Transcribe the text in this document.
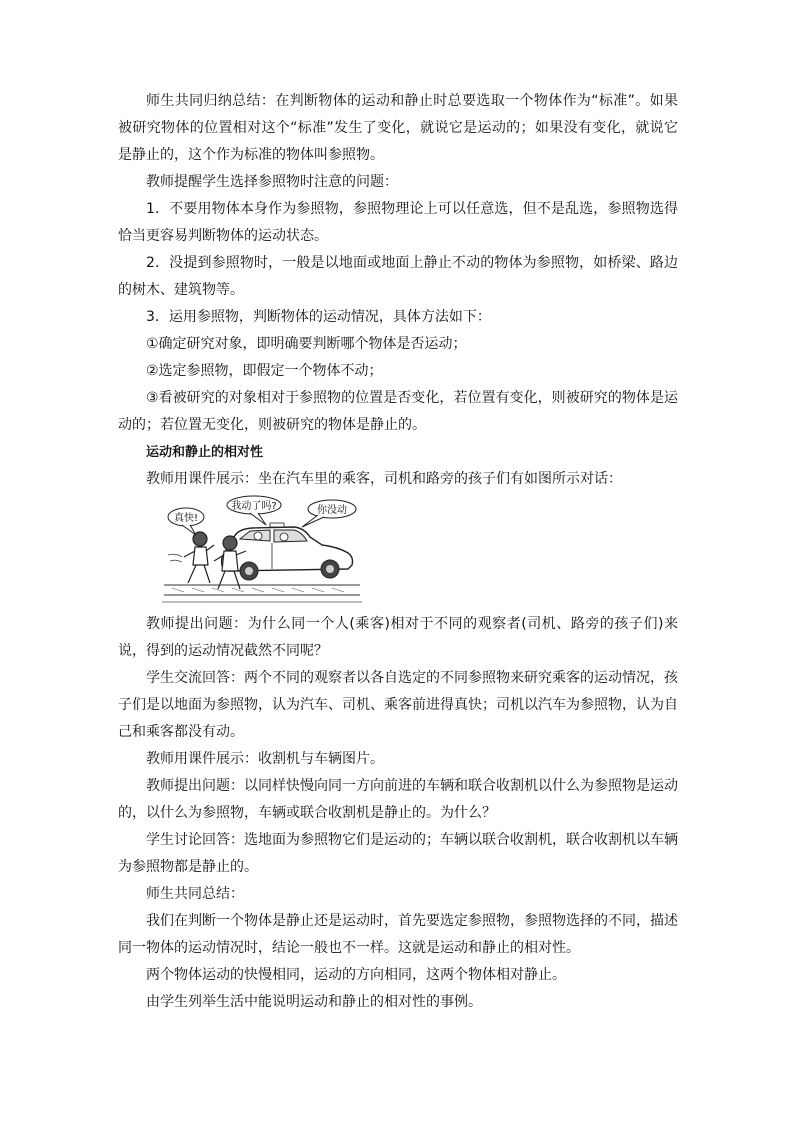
师生共同归纳总结：在判断物体的运动和静止时总要选取一个物体作为“标准”。如果被研究物体的位置相对这个“标准”发生了变化，就说它是运动的；如果没有变化，就说它是静止的，这个作为标准的物体叫参照物。

教师提醒学生选择参照物时注意的问题：

1．不要用物体本身作为参照物，参照物理论上可以任意选，但不是乱选，参照物选得恰当更容易判断物体的运动状态。

2．没提到参照物时，一般是以地面或地面上静止不动的物体为参照物，如桥梁、路边的树木、建筑物等。

3．运用参照物，判断物体的运动情况，具体方法如下：

①确定研究对象，即明确要判断哪个物体是否运动；

②选定参照物，即假定一个物体不动；

③看被研究的对象相对于参照物的位置是否变化，若位置有变化，则被研究的物体是运动的；若位置无变化，则被研究的物体是静止的。

运动和静止的相对性

教师用课件展示：坐在汽车里的乘客，司机和路旁的孩子们有如图所示对话：

真快!
我动了吗?	你没动

教师提出问题：为什么同一个人(乘客)相对于不同的观察者(司机、路旁的孩子们)来说，得到的运动情况截然不同呢？

学生交流回答：两个不同的观察者以各自选定的不同参照物来研究乘客的运动情况，孩子们是以地面为参照物，认为汽车、司机、乘客前进得真快；司机以汽车为参照物，认为自己和乘客都没有动。

教师用课件展示：收割机与车辆图片。

教师提出问题：以同样快慢向同一方向前进的车辆和联合收割机以什么为参照物是运动的，以什么为参照物，车辆或联合收割机是静止的。为什么？

学生讨论回答：选地面为参照物它们是运动的；车辆以联合收割机，联合收割机以车辆为参照物都是静止的。

师生共同总结：

我们在判断一个物体是静止还是运动时，首先要选定参照物，参照物选择的不同，描述同一物体的运动情况时，结论一般也不一样。这就是运动和静止的相对性。

两个物体运动的快慢相同，运动的方向相同，这两个物体相对静止。

由学生列举生活中能说明运动和静止的相对性的事例。
